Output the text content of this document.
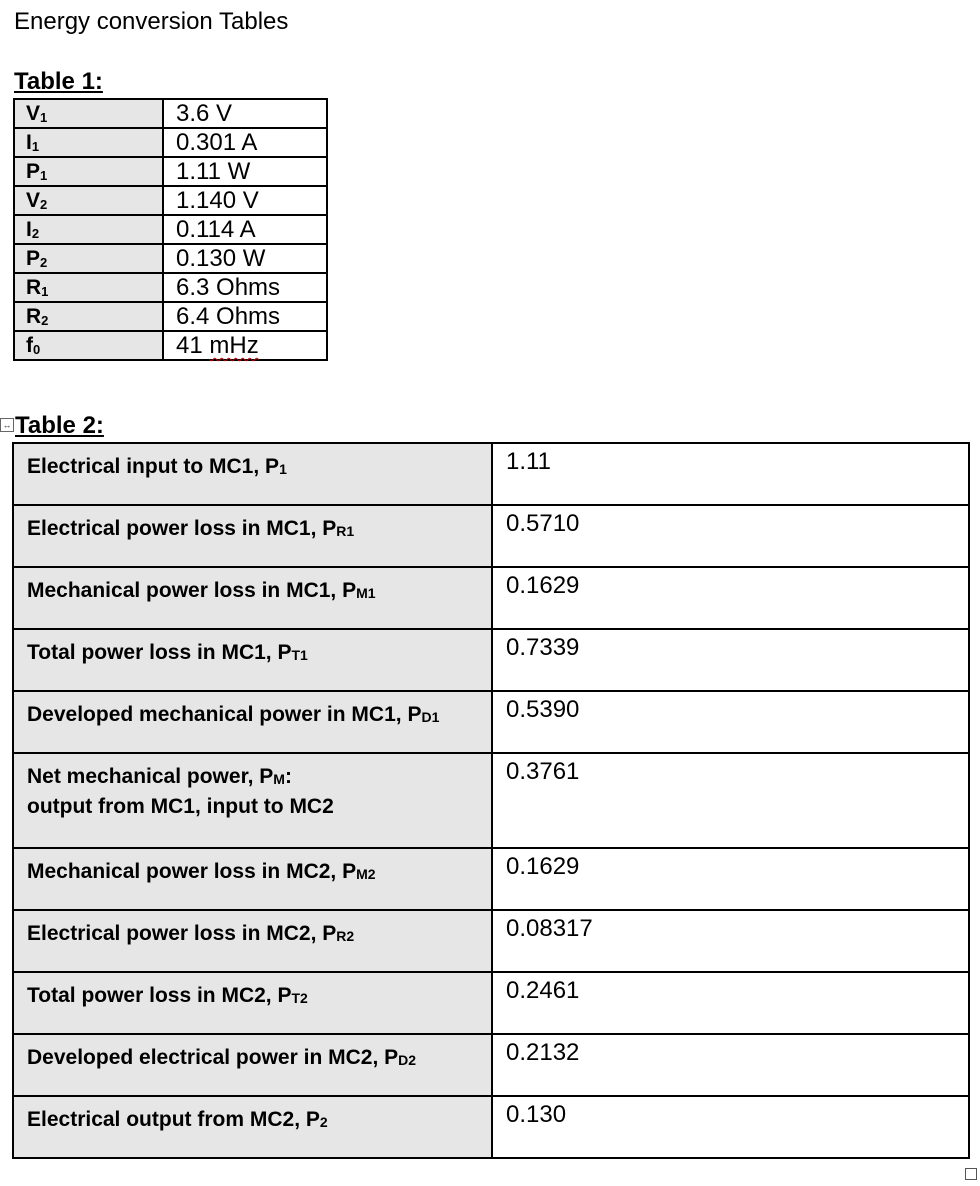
Energy conversion Tables
Table 1:
$V_1$	3.6 V
$I_1$	0.301 A
$P_1$	1.11 W
$V_2$	1.140 V
$I_2$	0.114 A
$P_2$	0.130 W
$R_1$	6.3 Ohms
$R_2$	6.4 Ohms
$f_0$	41 mHz
↔ Table 2:
Electrical input to MC1, $P_1$	1.11
Electrical power loss in MC1, $P_{R1}$	0.5710
Mechanical power loss in MC1, $P_{M1}$	0.1629
Total power loss in MC1, $P_{T1}$	0.7339
Developed mechanical power in MC1, $P_{D1}$	0.5390
Net mechanical power, $P_M$:
output from MC1, input to MC2	0.3761
Mechanical power loss in MC2, $P_{M2}$	0.1629
Electrical power loss in MC2, $P_{R2}$	0.08317
Total power loss in MC2, $P_{T2}$	0.2461
Developed electrical power in MC2, $P_{D2}$	0.2132
Electrical output from MC2, $P_2$	0.130
